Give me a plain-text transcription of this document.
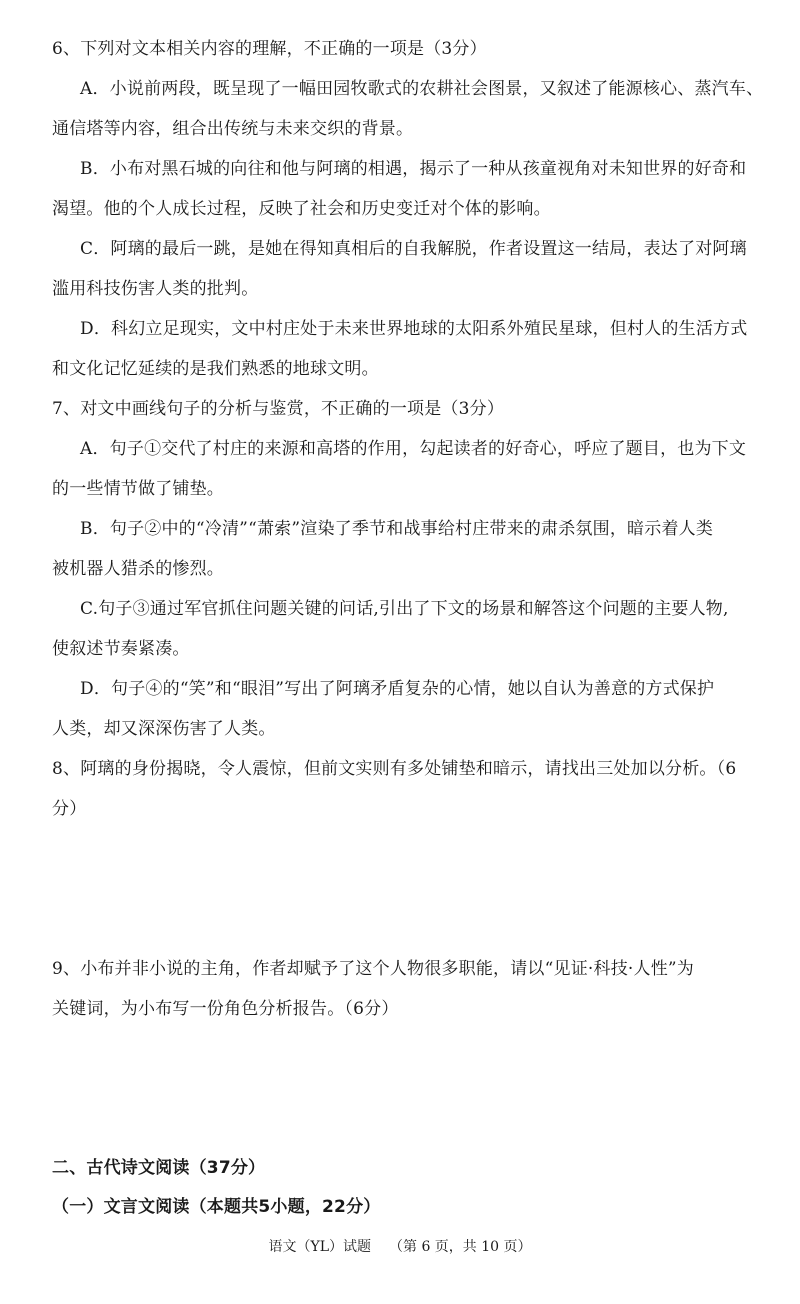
6、下列对文本相关内容的理解，不正确的一项是（3分）
A．小说前两段，既呈现了一幅田园牧歌式的农耕社会图景，又叙述了能源核心、蒸汽车、
通信塔等内容，组合出传统与未来交织的背景。
B．小布对黑石城的向往和他与阿璃的相遇，揭示了一种从孩童视角对未知世界的好奇和
渴望。他的个人成长过程，反映了社会和历史变迁对个体的影响。
C．阿璃的最后一跳，是她在得知真相后的自我解脱，作者设置这一结局，表达了对阿璃
滥用科技伤害人类的批判。
D．科幻立足现实，文中村庄处于未来世界地球的太阳系外殖民星球，但村人的生活方式
和文化记忆延续的是我们熟悉的地球文明。
7、对文中画线句子的分析与鉴赏，不正确的一项是（3分）
A．句子①交代了村庄的来源和高塔的作用，勾起读者的好奇心，呼应了题目，也为下文
的一些情节做了铺垫。
B．句子②中的“冷清”“萧索”渲染了季节和战事给村庄带来的肃杀氛围，暗示着人类
被机器人猎杀的惨烈。
C.句子③通过军官抓住问题关键的问话,引出了下文的场景和解答这个问题的主要人物,
使叙述节奏紧凑。
D．句子④的“笑”和“眼泪”写出了阿璃矛盾复杂的心情，她以自认为善意的方式保护
人类，却又深深伤害了人类。
8、阿璃的身份揭晓，令人震惊，但前文实则有多处铺垫和暗示，请找出三处加以分析。（6
分）
9、小布并非小说的主角，作者却赋予了这个人物很多职能，请以“见证·科技·人性”为
关键词，为小布写一份角色分析报告。（6分）
二、古代诗文阅读（37分）
（一）文言文阅读（本题共5小题，22分）
语文（YL）试题 （第 6 页，共 10 页）
